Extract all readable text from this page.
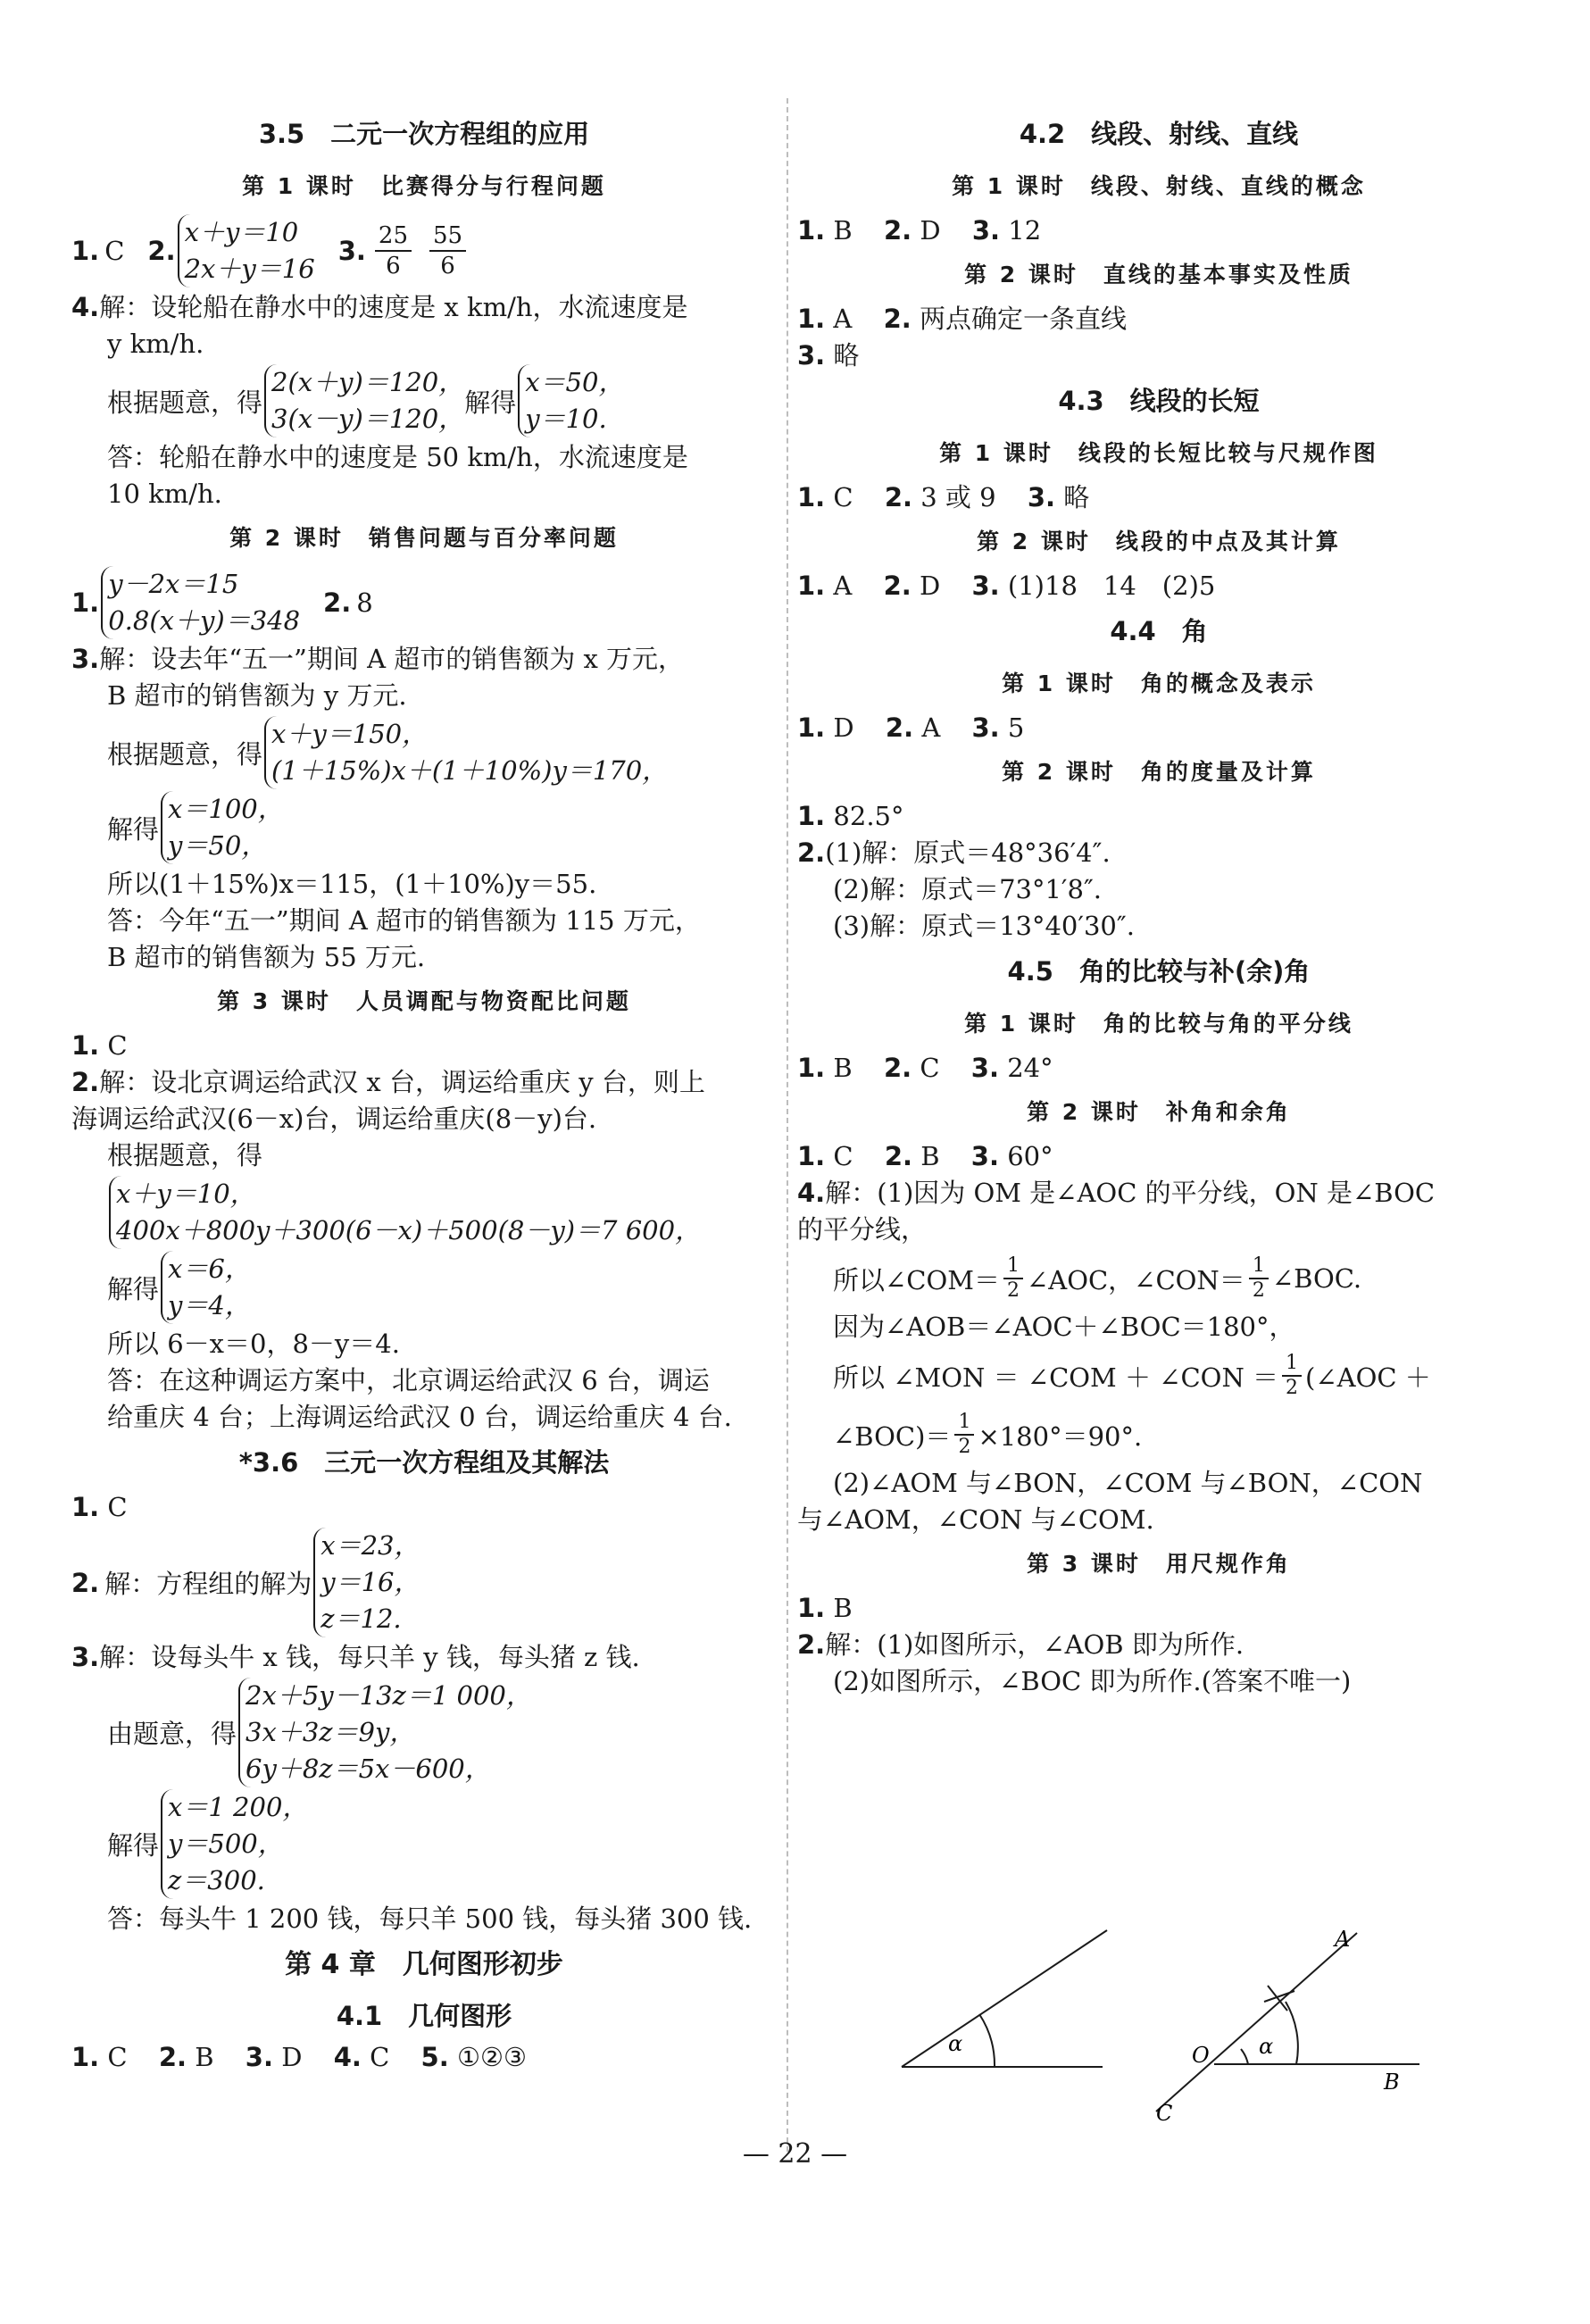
3.5　二元一次方程组的应用
第 1 课时　比赛得分与行程问题
1. C 2.
x＋y＝10
2x＋y＝16
3. $\frac{25}{6} \frac{55}{6}$
4.解：设轮船在静水中的速度是 x km/h，水流速度是
y km/h.
根据题意，得
2(x＋y)＝120，
3(x－y)＝120，
解得
x＝50，
y＝10.
答：轮船在静水中的速度是 50 km/h，水流速度是
10 km/h.
第 2 课时　销售问题与百分率问题
1.
y－2x＝15
0.8(x＋y)＝348
2. 8
3.解：设去年“五一”期间 A 超市的销售额为 x 万元，
B 超市的销售额为 y 万元.
根据题意，得
x＋y＝150，
(1＋15%)x＋(1＋10%)y＝170，
解得
x＝100，
y＝50，
所以(1＋15%)x＝115，(1＋10%)y＝55.
答：今年“五一”期间 A 超市的销售额为 115 万元，
B 超市的销售额为 55 万元.
第 3 课时　人员调配与物资配比问题
1. C
2.解：设北京调运给武汉 x 台，调运给重庆 y 台，则上
海调运给武汉(6－x)台，调运给重庆(8－y)台.
根据题意，得
x＋y＝10，
400x＋800y＋300(6－x)＋500(8－y)＝7 600，
解得
x＝6，
y＝4，
所以 6－x＝0，8－y＝4.
答：在这种调运方案中，北京调运给武汉 6 台，调运
给重庆 4 台；上海调运给武汉 0 台，调运给重庆 4 台.
*3.6　三元一次方程组及其解法
1. C
2. 解：方程组的解为
x＝23，
y＝16，
z＝12.
3.解：设每头牛 x 钱，每只羊 y 钱，每头猪 z 钱.
由题意，得
2x＋5y－13z＝1 000，
3x＋3z＝9y，
6y＋8z＝5x－600，
解得
x＝1 200，
y＝500，
z＝300.
答：每头牛 1 200 钱，每只羊 500 钱，每头猪 300 钱.
第 4 章　几何图形初步
4.1　几何图形
1. C 2. B 3. D 4. C 5. ①②③
4.2　线段、射线、直线
第 1 课时　线段、射线、直线的概念
1. B 2. D 3. 12
第 2 课时　直线的基本事实及性质
1. A 2. 两点确定一条直线
3. 略
4.3　线段的长短
第 1 课时　线段的长短比较与尺规作图
1. C 2. 3 或 9 3. 略
第 2 课时　线段的中点及其计算
1. A 2. D 3. (1)18　14　(2)5
4.4　角
第 1 课时　角的概念及表示
1. D 2. A 3. 5
第 2 课时　角的度量及计算
1. 82.5°
2.(1)解：原式＝48°36′4″.
(2)解：原式＝73°1′8″.
(3)解：原式＝13°40′30″.
4.5　角的比较与补(余)角
第 1 课时　角的比较与角的平分线
1. B 2. C 3. 24°
第 2 课时　补角和余角
1. C 2. B 3. 60°
4.解：(1)因为 OM 是∠AOC 的平分线，ON 是∠BOC
的平分线，
所以∠COM＝ $\frac{1}{2}$ ∠AOC，∠CON＝ $\frac{1}{2}$ ∠BOC.
因为∠AOB＝∠AOC＋∠BOC＝180°，
所以 ∠MON ＝ ∠COM ＋ ∠CON ＝ $\frac{1}{2}$ (∠AOC ＋
∠BOC)＝ $\frac{1}{2} \times 180^\circ=90^\circ$.
(2)∠AOM 与∠BON，∠COM 与∠BON，∠CON
与∠AOM，∠CON 与∠COM.
第 3 课时　用尺规作角
1. B
2.解：(1)如图所示，∠AOB 即为所作.
(2)如图所示，∠BOC 即为所作.(答案不唯一)
α	α
A
B
C
O
— 22 —
